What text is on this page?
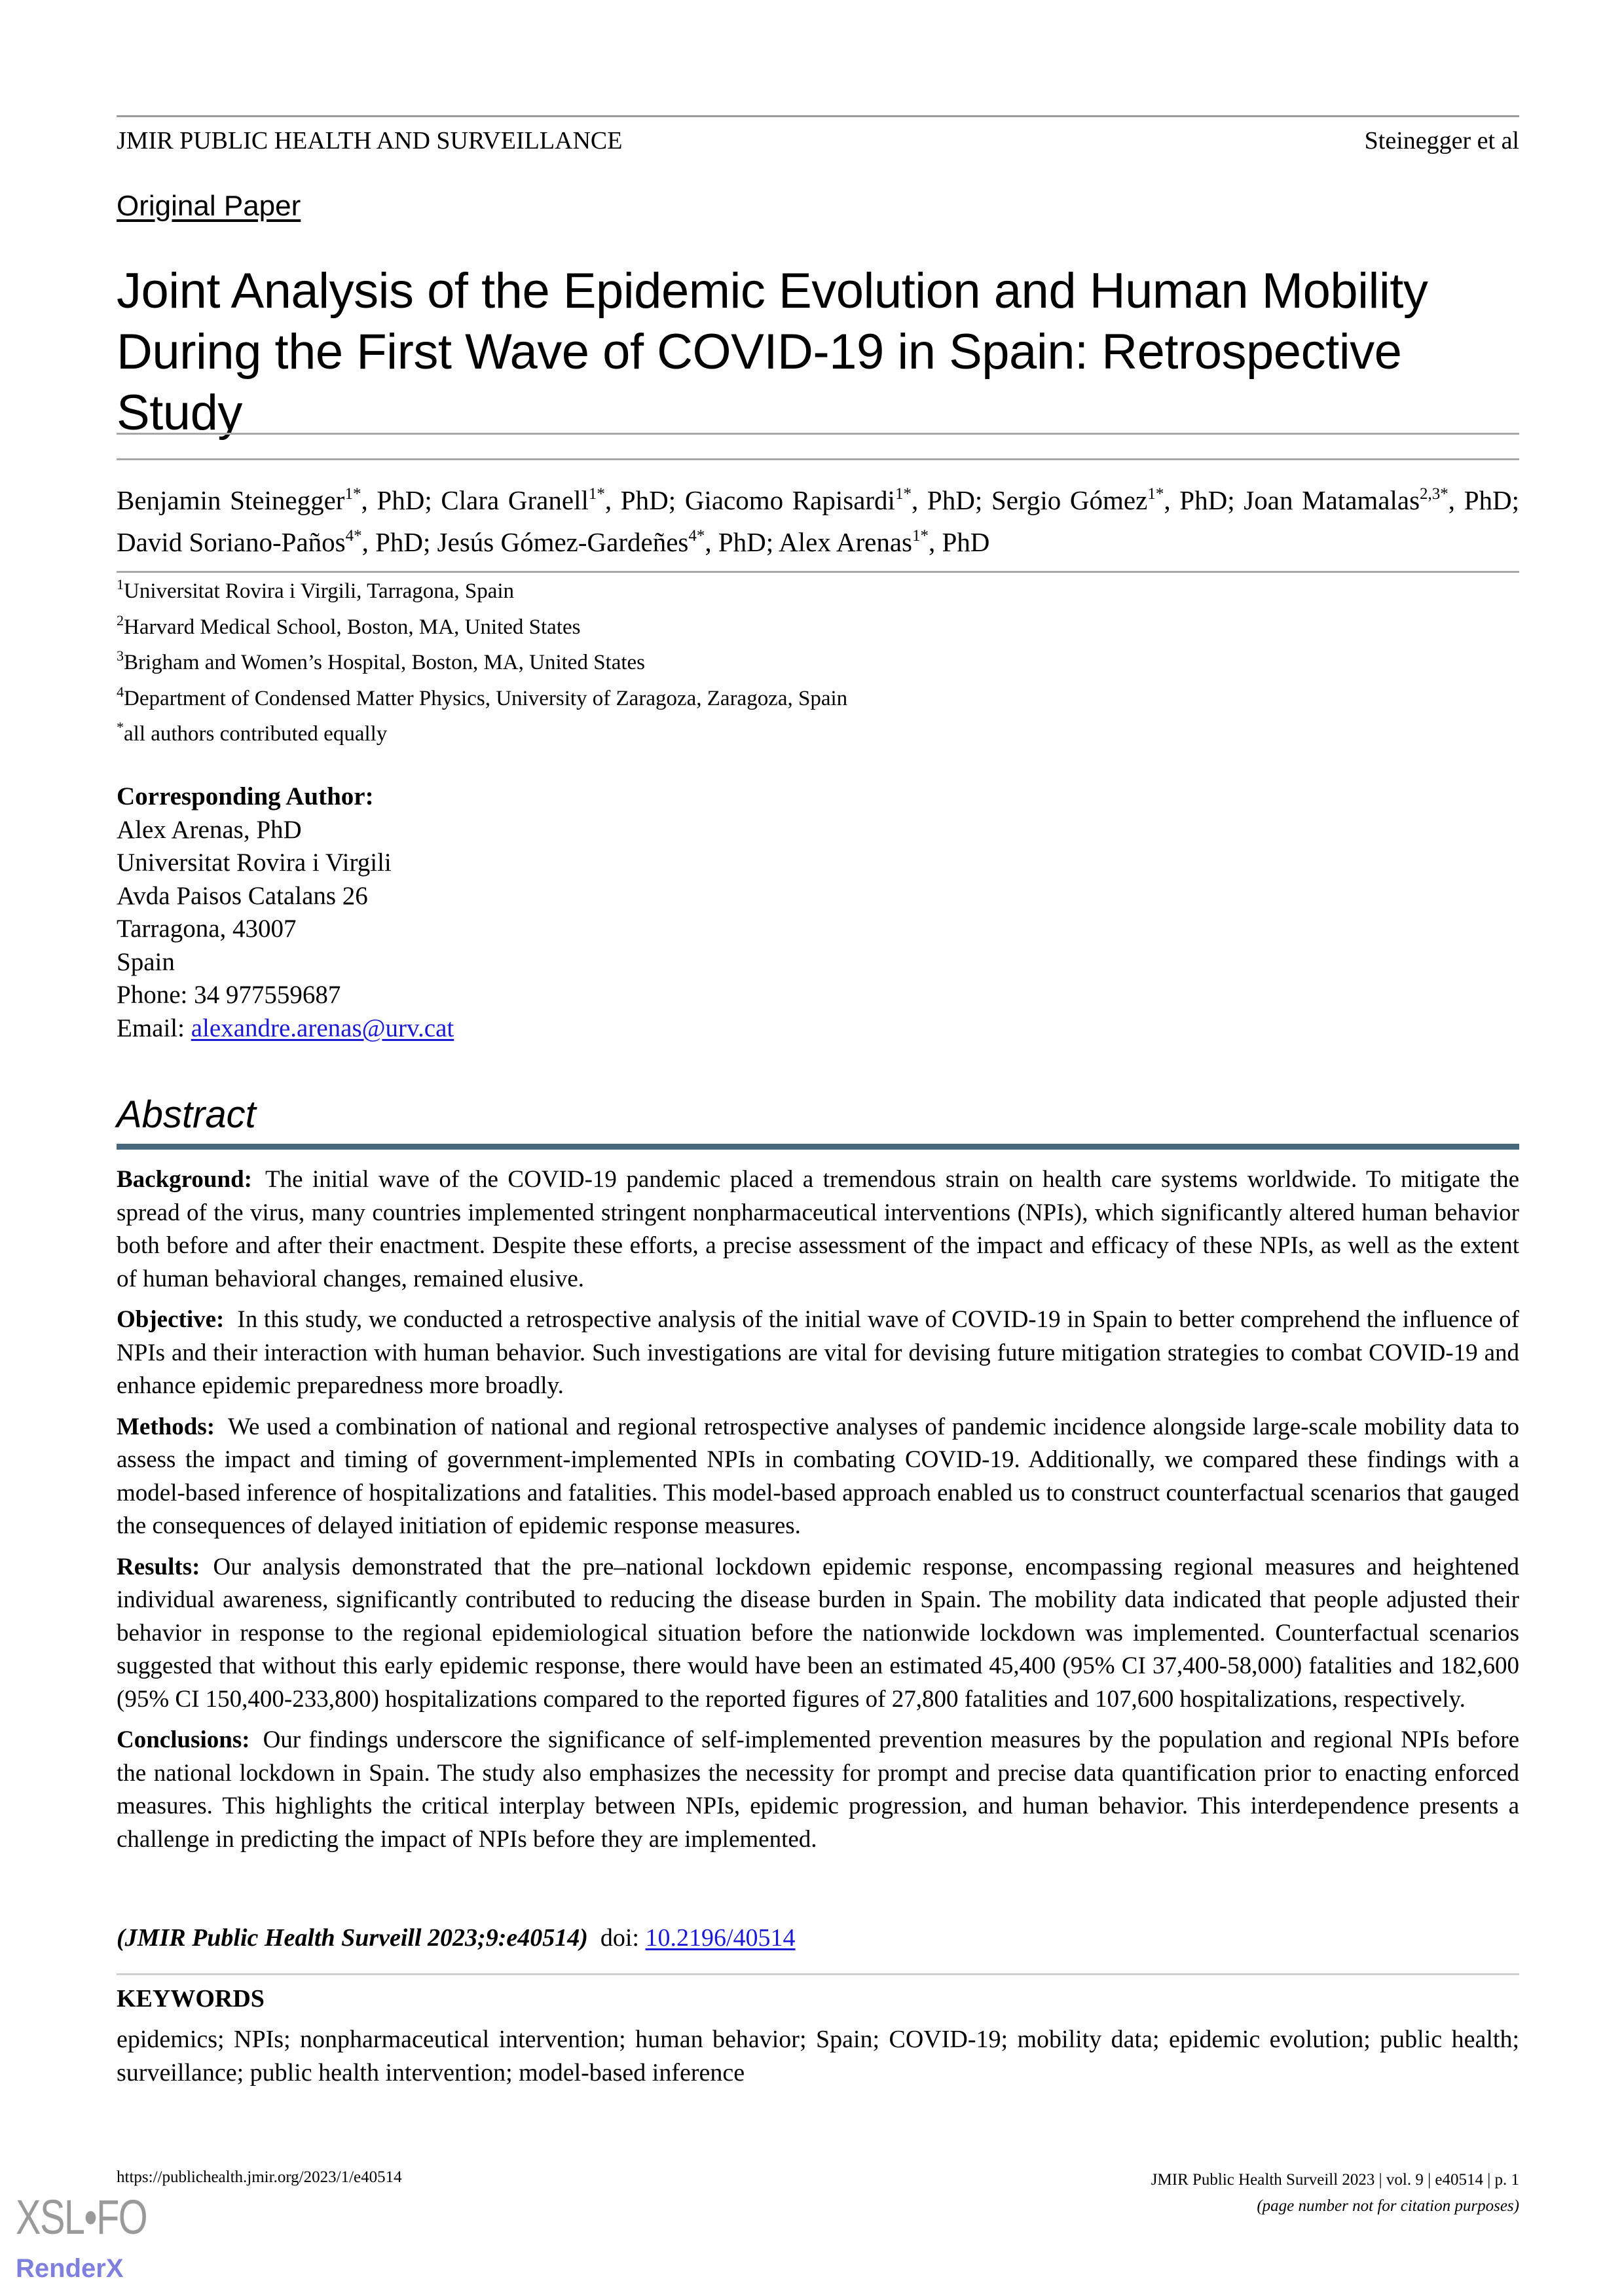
JMIR PUBLIC HEALTH AND SURVEILLANCE	Steinegger et al
Original Paper
Joint Analysis of the Epidemic Evolution and Human Mobility During the First Wave of COVID-19 in Spain: Retrospective Study
Benjamin Steinegger$^{1*}$, PhD; Clara Granell$^{1*}$, PhD; Giacomo Rapisardi$^{1*}$, PhD; Sergio Gómez$^{1*}$, PhD; Joan Matamalas$^{2,3*}$, PhD; David Soriano-Paños$^{4*}$, PhD; Jesús Gómez-Gardeñes$^{4*}$, PhD; Alex Arenas$^{1*}$, PhD
$^1$Universitat Rovira i Virgili, Tarragona, Spain
$^2$Harvard Medical School, Boston, MA, United States
$^3$Brigham and Women’s Hospital, Boston, MA, United States
$^4$Department of Condensed Matter Physics, University of Zaragoza, Zaragoza, Spain
*all authors contributed equally
Corresponding Author:
Alex Arenas, PhD
Universitat Rovira i Virgili
Avda Paisos Catalans 26
Tarragona, 43007
Spain
Phone: 34 977559687
Email: alexandre.arenas@urv.cat
Abstract

Background: The initial wave of the COVID-19 pandemic placed a tremendous strain on health care systems worldwide. To mitigate the spread of the virus, many countries implemented stringent nonpharmaceutical interventions (NPIs), which significantly altered human behavior both before and after their enactment. Despite these efforts, a precise assessment of the impact and efficacy of these NPIs, as well as the extent of human behavioral changes, remained elusive.

Objective: In this study, we conducted a retrospective analysis of the initial wave of COVID-19 in Spain to better comprehend the influence of NPIs and their interaction with human behavior. Such investigations are vital for devising future mitigation strategies to combat COVID-19 and enhance epidemic preparedness more broadly.

Methods: We used a combination of national and regional retrospective analyses of pandemic incidence alongside large-scale mobility data to assess the impact and timing of government-implemented NPIs in combating COVID-19. Additionally, we compared these findings with a model-based inference of hospitalizations and fatalities. This model-based approach enabled us to construct counterfactual scenarios that gauged the consequences of delayed initiation of epidemic response measures.

Results: Our analysis demonstrated that the pre–national lockdown epidemic response, encompassing regional measures and heightened individual awareness, significantly contributed to reducing the disease burden in Spain. The mobility data indicated that people adjusted their behavior in response to the regional epidemiological situation before the nationwide lockdown was implemented. Counterfactual scenarios suggested that without this early epidemic response, there would have been an estimated 45,400 (95% CI 37,400-58,000) fatalities and 182,600 (95% CI 150,400-233,800) hospitalizations compared to the reported figures of 27,800 fatalities and 107,600 hospitalizations, respectively.

Conclusions: Our findings underscore the significance of self-implemented prevention measures by the population and regional NPIs before the national lockdown in Spain. The study also emphasizes the necessity for prompt and precise data quantification prior to enacting enforced measures. This highlights the critical interplay between NPIs, epidemic progression, and human behavior. This interdependence presents a challenge in predicting the impact of NPIs before they are implemented.

(JMIR Public Health Surveill 2023;9:e40514) doi: 10.2196/40514
KEYWORDS
epidemics; NPIs; nonpharmaceutical intervention; human behavior; Spain; COVID-19; mobility data; epidemic evolution; public health; surveillance; public health intervention; model-based inference
https://publichealth.jmir.org/2023/1/e40514	JMIR Public Health Surveill 2023 | vol. 9 | e40514 | p. 1
(page number not for citation purposes)
XSL•FO
RenderX
